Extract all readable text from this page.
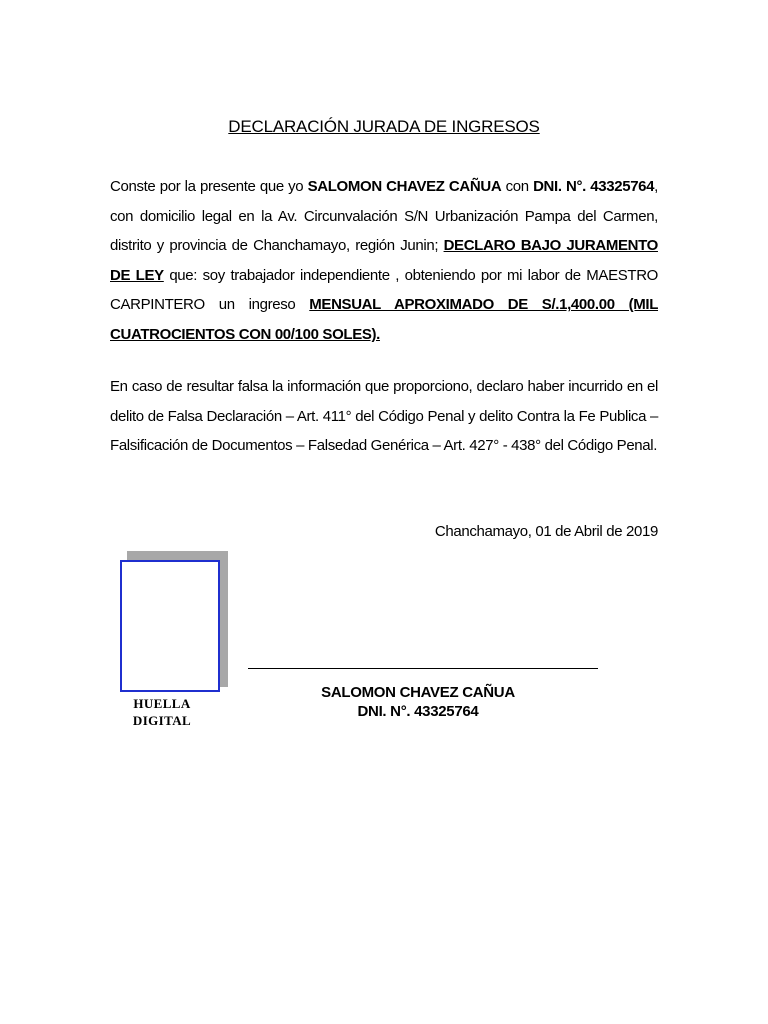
DECLARACIÓN JURADA DE INGRESOS
Conste por la presente que yo SALOMON CHAVEZ CAÑUA con DNI. N°. 43325764, con domicilio legal en la Av. Circunvalación S/N Urbanización Pampa del Carmen, distrito y provincia de Chanchamayo, región Junin; DECLARO BAJO JURAMENTO DE LEY que: soy trabajador independiente , obteniendo por mi labor de MAESTRO CARPINTERO un ingreso MENSUAL APROXIMADO DE S/.1,400.00 (MIL CUATROCIENTOS CON 00/100 SOLES).
En caso de resultar falsa la información que proporciono, declaro haber incurrido en el delito de Falsa Declaración – Art. 411° del Código Penal y delito Contra la Fe Publica – Falsificación de Documentos – Falsedad Genérica – Art. 427° - 438° del Código Penal.
Chanchamayo, 01 de Abril de 2019
HUELLA
DIGITAL
SALOMON CHAVEZ CAÑUA
DNI. N°. 43325764
